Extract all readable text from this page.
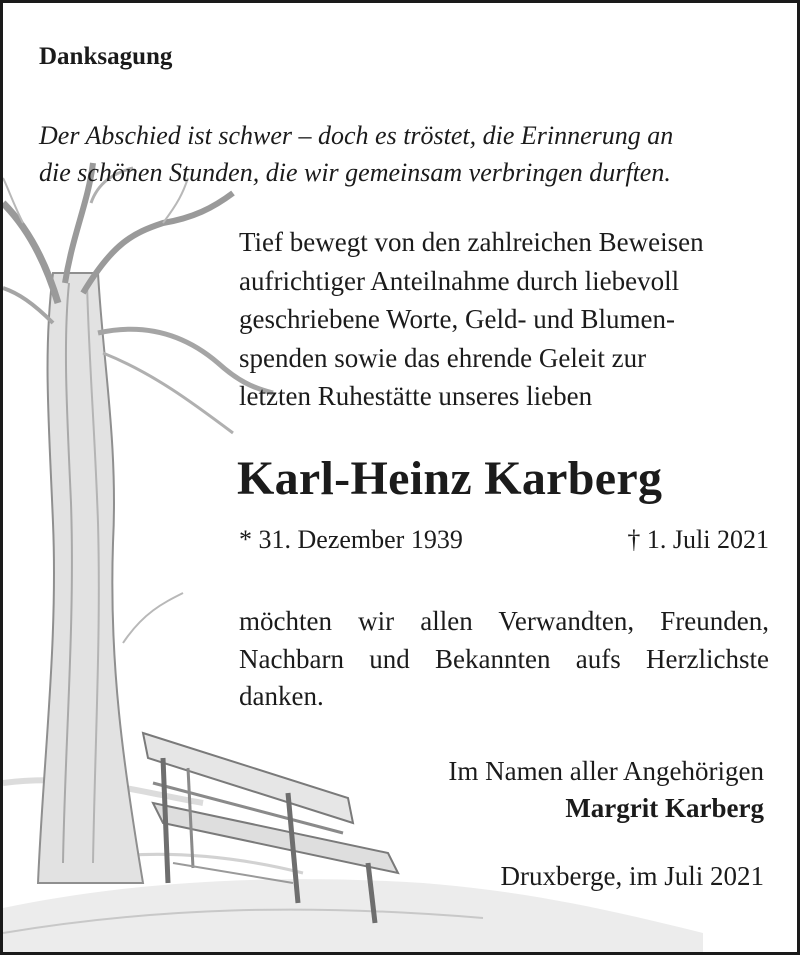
Danksagung
Der Abschied ist schwer – doch es tröstet, die Erinnerung an
die schönen Stunden, die wir gemeinsam verbringen durften.
Tief bewegt von den zahlreichen Beweisen
aufrichtiger Anteilnahme durch liebevoll
geschriebene Worte, Geld- und Blumen-
spenden sowie das ehrende Geleit zur
letzten Ruhestätte unseres lieben
Karl-Heinz Karberg
* 31. Dezember 1939	† 1. Juli 2021
möchten wir allen Verwandten, Freunden,
Nachbarn und Bekannten aufs Herzlichste
danken.
Im Namen aller Angehörigen
Margrit Karberg
Druxberge, im Juli 2021
